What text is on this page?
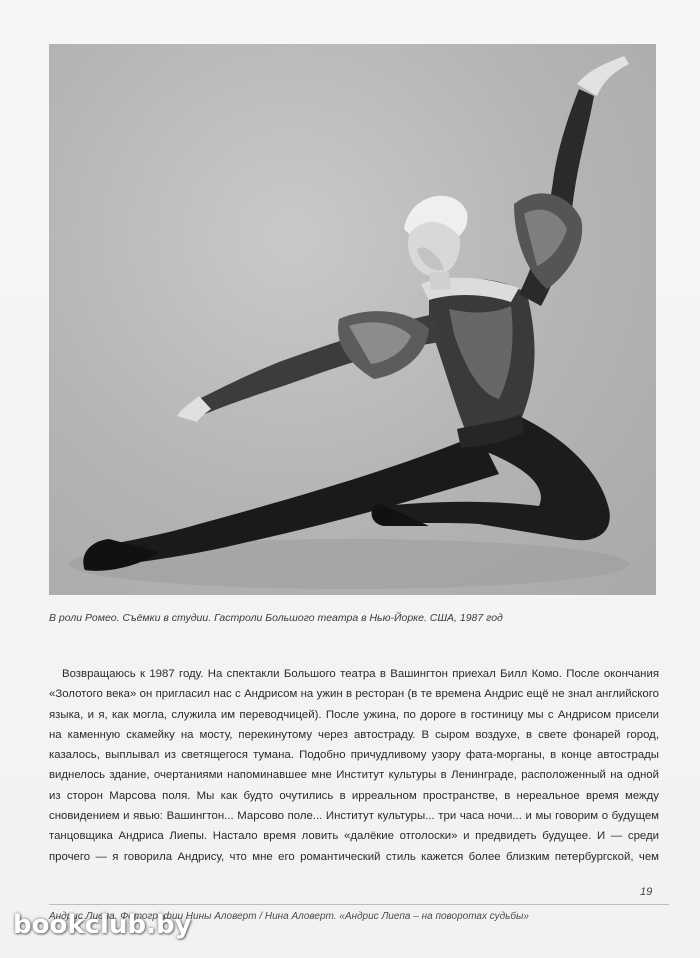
В роли Ромео. Съёмки в студии. Гастроли Большого театра в Нью-Йорке. США, 1987 год
Возвращаюсь к 1987 году. На спектакли Большого театра в Вашингтон приехал Билл Комо. После окончания
«Золотого века» он пригласил нас с Андрисом на ужин в ресторан (в те времена Андрис ещё не знал английского
языка, и я, как могла, служила им переводчицей). После ужина, по дороге в гостиницу мы с Андрисом присели
на каменную скамейку на мосту, перекинутому через автостраду. В сыром воздухе, в свете фонарей город,
казалось, выплывал из светящегося тумана. Подобно причудливому узору фата-морганы, в конце автострады
виднелось здание, очертаниями напоминавшее мне Институт культуры в Ленинграде, расположенный на одной
из сторон Марсова поля. Мы как будто очутились в ирреальном пространстве, в нереальное время между
сновидением и явью: Вашингтон... Марсово поле... Институт культуры... три часа ночи... и мы говорим о будущем
танцовщика Андриса Лиепы. Настало время ловить «далёкие отголоски» и предвидеть будущее. И — среди
прочего — я говорила Андрису, что мне его романтический стиль кажется более близким петербургской, чем
19
Андрис Лиепа. Фотографии Нины Аловерт / Нина Аловерт. «Андрис Лиепа – на поворотах судьбы»
bookclub.by
